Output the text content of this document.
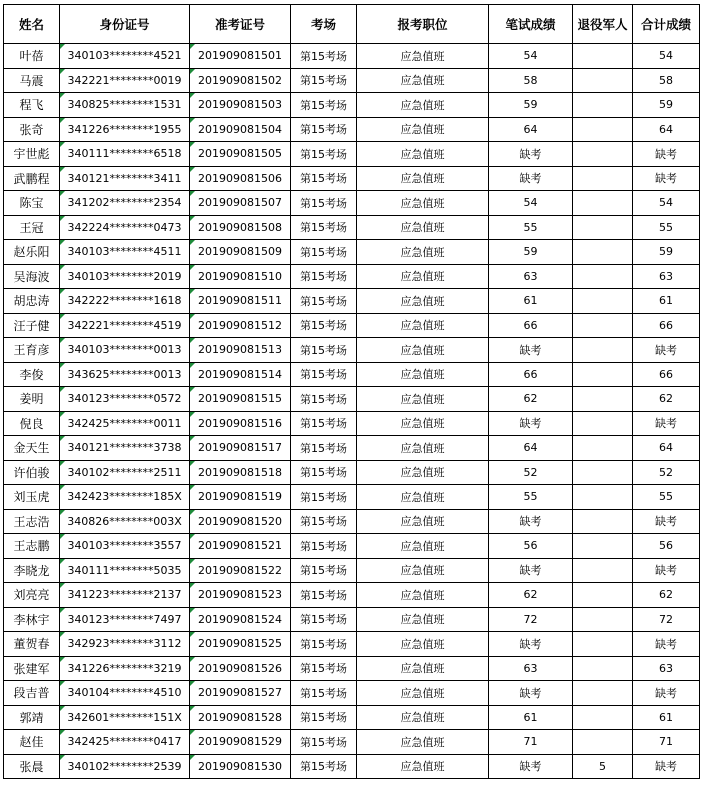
姓名	身份证号	准考证号	考场	报考职位	笔试成绩	退役军人	合计成绩
叶蓓	340103********4521	201909081501	第15考场	应急值班	54		54
马震	342221********0019	201909081502	第15考场	应急值班	58		58
程飞	340825********1531	201909081503	第15考场	应急值班	59		59
张奇	341226********1955	201909081504	第15考场	应急值班	64		64
宇世彪	340111********6518	201909081505	第15考场	应急值班	缺考		缺考
武鹏程	340121********3411	201909081506	第15考场	应急值班	缺考		缺考
陈宝	341202********2354	201909081507	第15考场	应急值班	54		54
王冠	342224********0473	201909081508	第15考场	应急值班	55		55
赵乐阳	340103********4511	201909081509	第15考场	应急值班	59		59
吴海波	340103********2019	201909081510	第15考场	应急值班	63		63
胡忠涛	342222********1618	201909081511	第15考场	应急值班	61		61
汪子健	342221********4519	201909081512	第15考场	应急值班	66		66
王育彦	340103********0013	201909081513	第15考场	应急值班	缺考		缺考
李俊	343625********0013	201909081514	第15考场	应急值班	66		66
姜明	340123********0572	201909081515	第15考场	应急值班	62		62
倪良	342425********0011	201909081516	第15考场	应急值班	缺考		缺考
金天生	340121********3738	201909081517	第15考场	应急值班	64		64
许伯骏	340102********2511	201909081518	第15考场	应急值班	52		52
刘玉虎	342423********185X	201909081519	第15考场	应急值班	55		55
王志浩	340826********003X	201909081520	第15考场	应急值班	缺考		缺考
王志鹏	340103********3557	201909081521	第15考场	应急值班	56		56
李晓龙	340111********5035	201909081522	第15考场	应急值班	缺考		缺考
刘亮亮	341223********2137	201909081523	第15考场	应急值班	62		62
李林宇	340123********7497	201909081524	第15考场	应急值班	72		72
董贺春	342923********3112	201909081525	第15考场	应急值班	缺考		缺考
张建军	341226********3219	201909081526	第15考场	应急值班	63		63
段吉普	340104********4510	201909081527	第15考场	应急值班	缺考		缺考
郭靖	342601********151X	201909081528	第15考场	应急值班	61		61
赵佳	342425********0417	201909081529	第15考场	应急值班	71		71
张晨	340102********2539	201909081530	第15考场	应急值班	缺考	5	缺考
